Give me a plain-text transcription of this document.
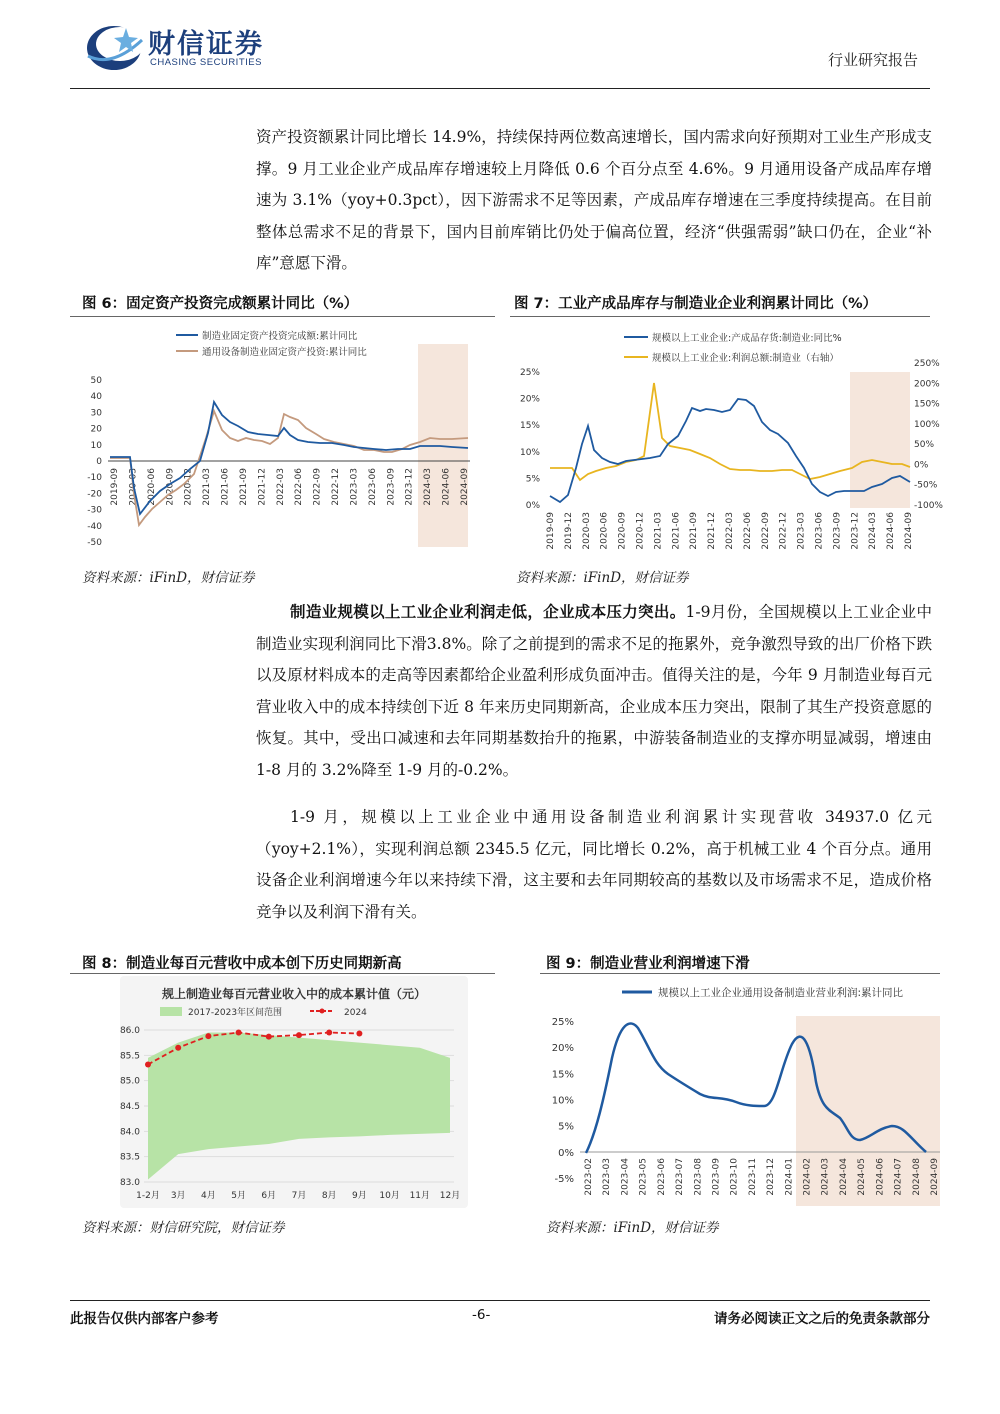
财信证券
CHASING SECURITIES	行业研究报告

资产投资额累计同比增长 14.9%，持续保持两位数高速增长，国内需求向好预期对工业生产形成支撑。9 月工业企业产成品库存增速较上月降低 0.6 个百分点至 4.6%。9 月通用设备产成品库存增速为 3.1%（yoy+0.3pct），因下游需求不足等因素，产成品库存增速在三季度持续提高。在目前整体总需求不足的背景下，国内目前库销比仍处于偏高位置，经济“供强需弱”缺口仍在，企业“补库”意愿下滑。

图 6：固定资产投资完成额累计同比（%）
制造业固定资产投资完成额:累计同比
通用设备制造业固定资产投资:累计同比
50
40
30
20
10
0
-10
-20
-30
-40
-50
2019-09 2020-03 2020-06 2020-09 2020-12 2021-03 2021-06 2021-09 2021-12 2022-03 2022-06 2022-09 2022-12 2023-03 2023-06 2023-09 2023-12 2024-03 2024-06 2024-09
资料来源：iFinD，财信证券
图 7：工业产成品库存与制造业企业利润累计同比（%）
规模以上工业企业:产成品存货:制造业:同比%
规模以上工业企业:利润总额:制造业（右轴）
25%
20%
15%
10%
5%
0%
250%
200%
150%
100%
50%
0%
-50%
-100%
2019-09 2019-12 2020-03 2020-06 2020-09 2020-12 2021-03 2021-06 2021-09 2021-12 2022-03 2022-06 2022-09 2022-12 2023-03 2023-06 2023-09 2023-12 2024-03 2024-06 2024-09
资料来源：iFinD，财信证券

制造业规模以上工业企业利润走低，企业成本压力突出。1-9月份，全国规模以上工业企业中制造业实现利润同比下滑3.8%。除了之前提到的需求不足的拖累外，竞争激烈导致的出厂价格下跌以及原材料成本的走高等因素都给企业盈利形成负面冲击。值得关注的是，今年 9 月制造业每百元营业收入中的成本持续创下近 8 年来历史同期新高，企业成本压力突出，限制了其生产投资意愿的恢复。其中，受出口减速和去年同期基数抬升的拖累，中游装备制造业的支撑亦明显减弱，增速由 1-8 月的 3.2%降至 1-9 月的-0.2%。

1-9 月，规模以上工业企业中通用设备制造业利润累计实现营收 34937.0 亿元（yoy+2.1%），实现利润总额 2345.5 亿元，同比增长 0.2%，高于机械工业 4 个百分点。通用设备企业利润增速今年以来持续下滑，这主要和去年同期较高的基数以及市场需求不足，造成价格竞争以及利润下滑有关。

图 8：制造业每百元营收中成本创下历史同期新高
规上制造业每百元营业收入中的成本累计值（元）
2017-2023年区间范围	2024
86.0
85.5
85.0
84.5
84.0
83.5
83.0
1-2月 3月 4月 5月 6月 7月 8月 9月 10月 11月 12月
资料来源：财信研究院，财信证券
图 9：制造业营业利润增速下滑
规模以上工业企业通用设备制造业营业利润:累计同比
25%
20%
15%
10%
5%
0%
-5% 2023-02 2023-03 2023-04 2023-05 2023-06 2023-07 2023-08 2023-09 2023-10 2023-11 2023-12 2024-01 2024-02 2024-03 2024-04 2024-05 2024-06 2024-07 2024-08 2024-09
资料来源：iFinD，财信证券
此报告仅供内部客户参考	-6-	请务必阅读正文之后的免责条款部分
